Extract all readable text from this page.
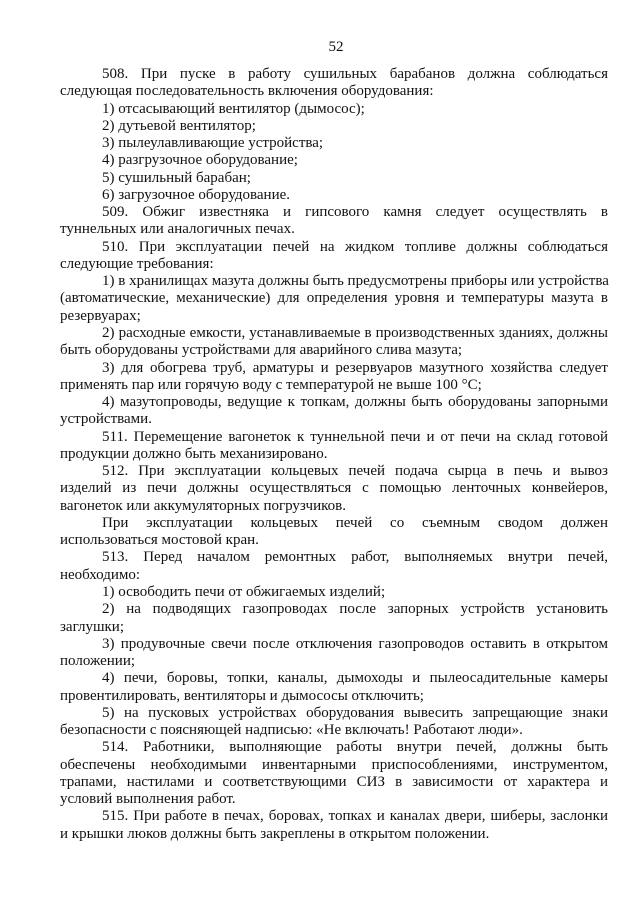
52
508. При пуске в работу сушильных барабанов должна соблюдаться
следующая последовательность включения оборудования:
1) отсасывающий вентилятор (дымосос);
2) дутьевой вентилятор;
3) пылеулавливающие устройства;
4) разгрузочное оборудование;
5) сушильный барабан;
6) загрузочное оборудование.
509. Обжиг известняка и гипсового камня следует осуществлять в
туннельных или аналогичных печах.
510. При эксплуатации печей на жидком топливе должны соблюдаться
следующие требования:
1) в хранилищах мазута должны быть предусмотрены приборы или устройства
(автоматические, механические) для определения уровня и температуры мазута в
резервуарах;
2) расходные емкости, устанавливаемые в производственных зданиях, должны
быть оборудованы устройствами для аварийного слива мазута;
3) для обогрева труб, арматуры и резервуаров мазутного хозяйства следует
применять пар или горячую воду с температурой не выше 100 °С;
4) мазутопроводы, ведущие к топкам, должны быть оборудованы запорными
устройствами.
511. Перемещение вагонеток к туннельной печи и от печи на склад готовой
продукции должно быть механизировано.
512. При эксплуатации кольцевых печей подача сырца в печь и вывоз
изделий из печи должны осуществляться с помощью ленточных конвейеров,
вагонеток или аккумуляторных погрузчиков.
При эксплуатации кольцевых печей со съемным сводом должен
использоваться мостовой кран.
513. Перед началом ремонтных работ, выполняемых внутри печей,
необходимо:
1) освободить печи от обжигаемых изделий;
2) на подводящих газопроводах после запорных устройств установить
заглушки;
3) продувочные свечи после отключения газопроводов оставить в открытом
положении;
4) печи, боровы, топки, каналы, дымоходы и пылеосадительные камеры
провентилировать, вентиляторы и дымососы отключить;
5) на пусковых устройствах оборудования вывесить запрещающие знаки
безопасности с поясняющей надписью: «Не включать! Работают люди».
514. Работники, выполняющие работы внутри печей, должны быть
обеспечены необходимыми инвентарными приспособлениями, инструментом,
трапами, настилами и соответствующими СИЗ в зависимости от характера и
условий выполнения работ.
515. При работе в печах, боровах, топках и каналах двери, шиберы, заслонки
и крышки люков должны быть закреплены в открытом положении.
